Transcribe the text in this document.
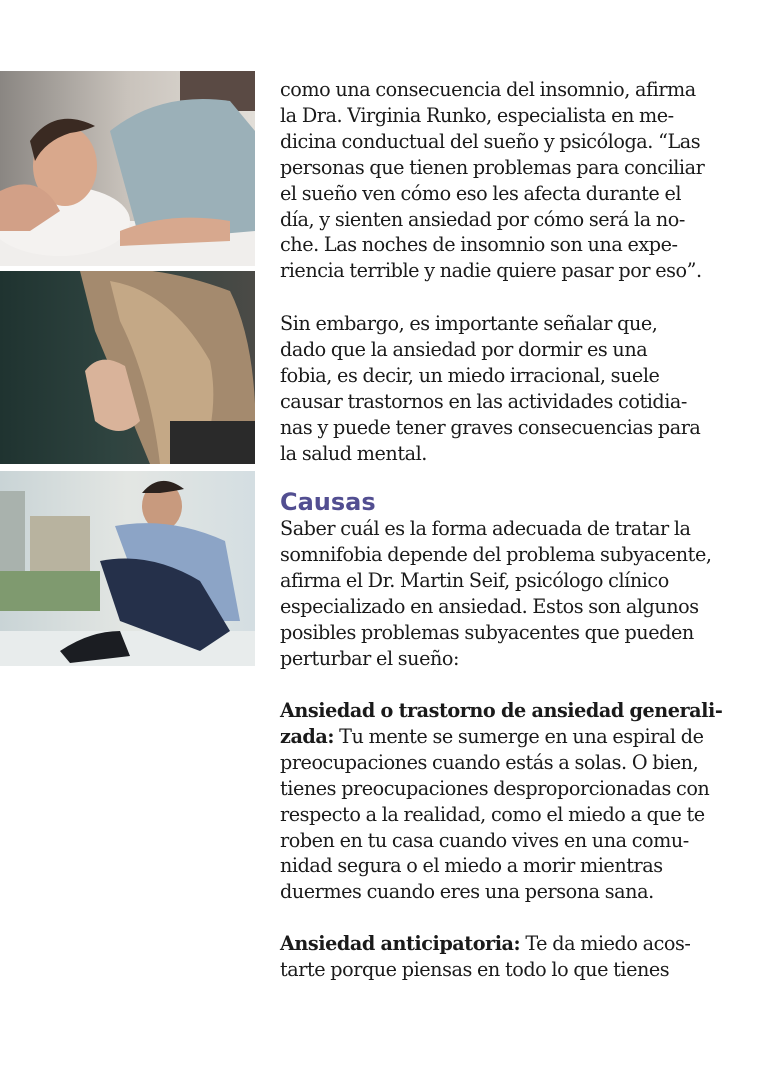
como una consecuencia del insomnio, afirma

la Dra. Virginia Runko, especialista en me-

dicina conductual del sueño y psicóloga. “Las

personas que tienen problemas para conciliar

el sueño ven cómo eso les afecta durante el

día, y sienten ansiedad por cómo será la no-

che. Las noches de insomnio son una expe-

riencia terrible y nadie quiere pasar por eso”.

Sin embargo, es importante señalar que,

dado que la ansiedad por dormir es una

fobia, es decir, un miedo irracional, suele

causar trastornos en las actividades cotidia-

nas y puede tener graves consecuencias para

la salud mental.

Causas

Saber cuál es la forma adecuada de tratar la

somnifobia depende del problema subyacente,

afirma el Dr. Martin Seif, psicólogo clínico

especializado en ansiedad. Estos son algunos

posibles problemas subyacentes que pueden

perturbar el sueño:

Ansiedad o trastorno de ansiedad generali-

zada: Tu mente se sumerge en una espiral de

preocupaciones cuando estás a solas. O bien,

tienes preocupaciones desproporcionadas con

respecto a la realidad, como el miedo a que te

roben en tu casa cuando vives en una comu-

nidad segura o el miedo a morir mientras

duermes cuando eres una persona sana.

Ansiedad anticipatoria: Te da miedo acos-

tarte porque piensas en todo lo que tienes
